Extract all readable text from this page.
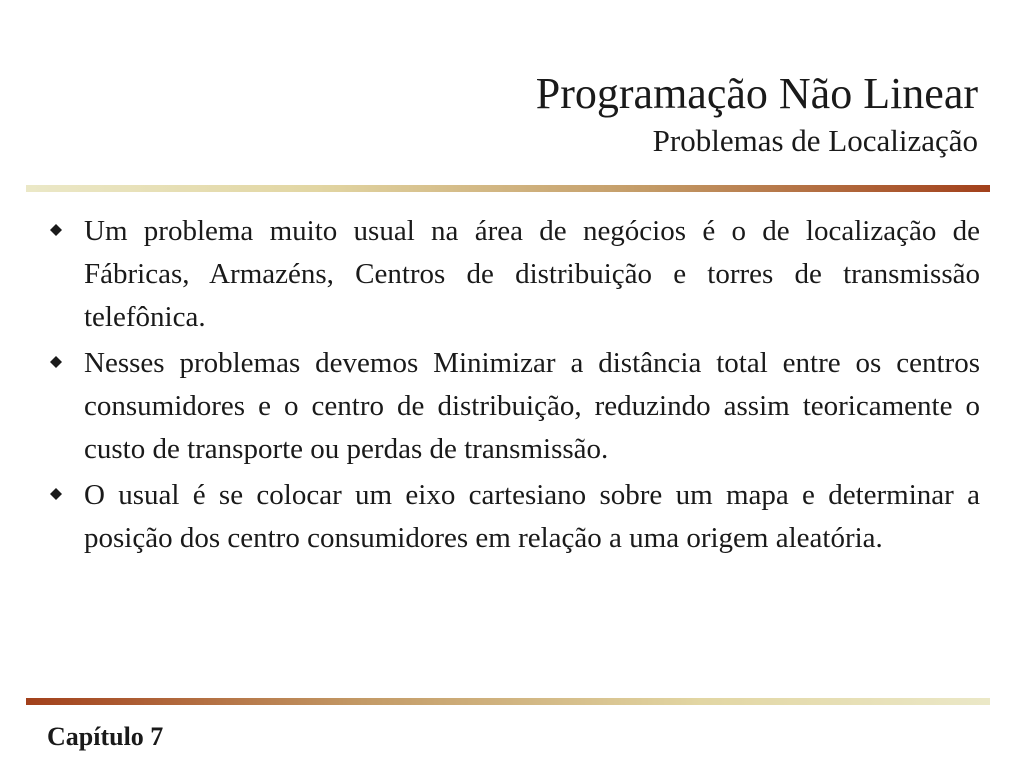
Programação Não Linear
Problemas de Localização
Um problema muito usual na área de negócios é o de localização de Fábricas, Armazéns, Centros de distribuição e torres de transmissão telefônica.
Nesses problemas devemos Minimizar a distância total entre os centros consumidores e o centro de distribuição, reduzindo assim teoricamente o custo de transporte ou perdas de transmissão.
O usual é se colocar um eixo cartesiano sobre um mapa e determinar a posição dos centro consumidores em relação a uma origem aleatória.
Capítulo 7
